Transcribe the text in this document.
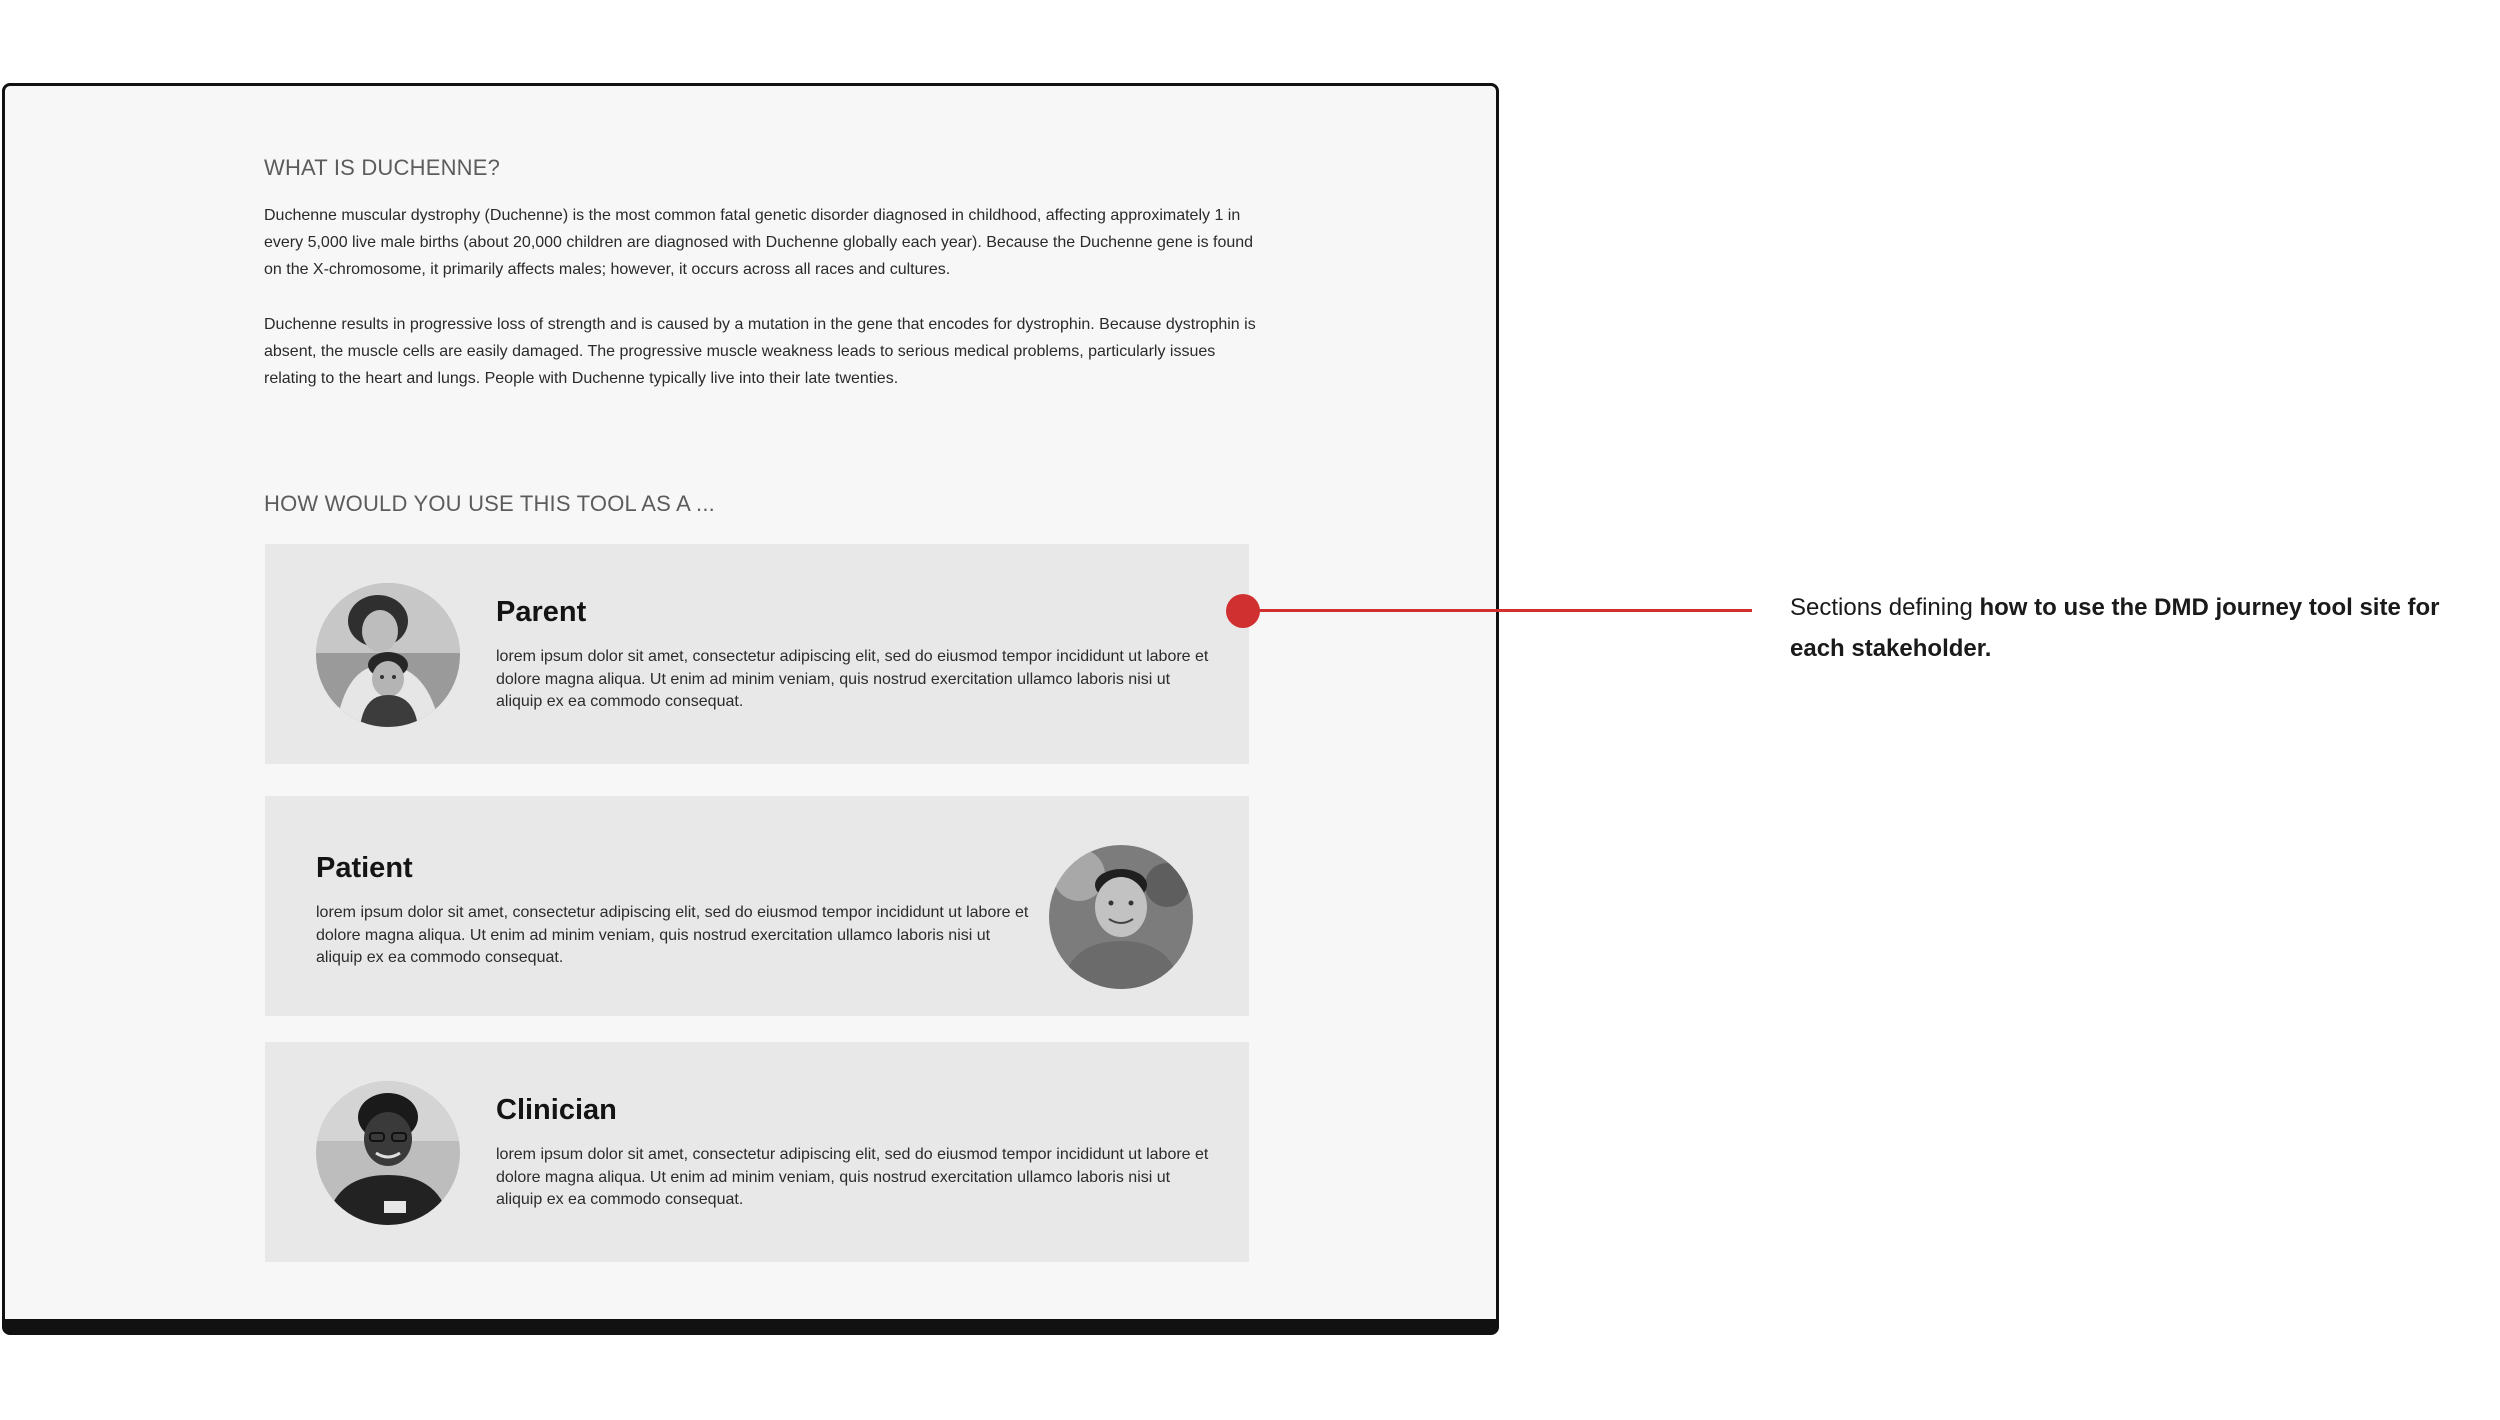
WHAT IS DUCHENNE?

Duchenne muscular dystrophy (Duchenne) is the most common fatal genetic disorder diagnosed in childhood, affecting approximately 1 in every 5,000 live male births (about 20,000 children are diagnosed with Duchenne globally each year). Because the Duchenne gene is found on the X-chromosome, it primarily affects males; however, it occurs across all races and cultures.

Duchenne results in progressive loss of strength and is caused by a mutation in the gene that encodes for dystrophin. Because dystrophin is absent, the muscle cells are easily damaged. The progressive muscle weakness leads to serious medical problems, particularly issues relating to the heart and lungs. People with Duchenne typically live into their late twenties.

HOW WOULD YOU USE THIS TOOL AS A ...
Parent

lorem ipsum dolor sit amet, consectetur adipiscing elit, sed do eiusmod tempor incididunt ut labore et dolore magna aliqua. Ut enim ad minim veniam, quis nostrud exercitation ullamco laboris nisi ut aliquip ex ea commodo consequat.

Patient

lorem ipsum dolor sit amet, consectetur adipiscing elit, sed do eiusmod tempor incididunt ut labore et dolore magna aliqua. Ut enim ad minim veniam, quis nostrud exercitation ullamco laboris nisi ut aliquip ex ea commodo consequat.

Clinician

lorem ipsum dolor sit amet, consectetur adipiscing elit, sed do eiusmod tempor incididunt ut labore et dolore magna aliqua. Ut enim ad minim veniam, quis nostrud exercitation ullamco laboris nisi ut aliquip ex ea commodo consequat.

Sections defining how to use the DMD journey tool site for each stakeholder.
